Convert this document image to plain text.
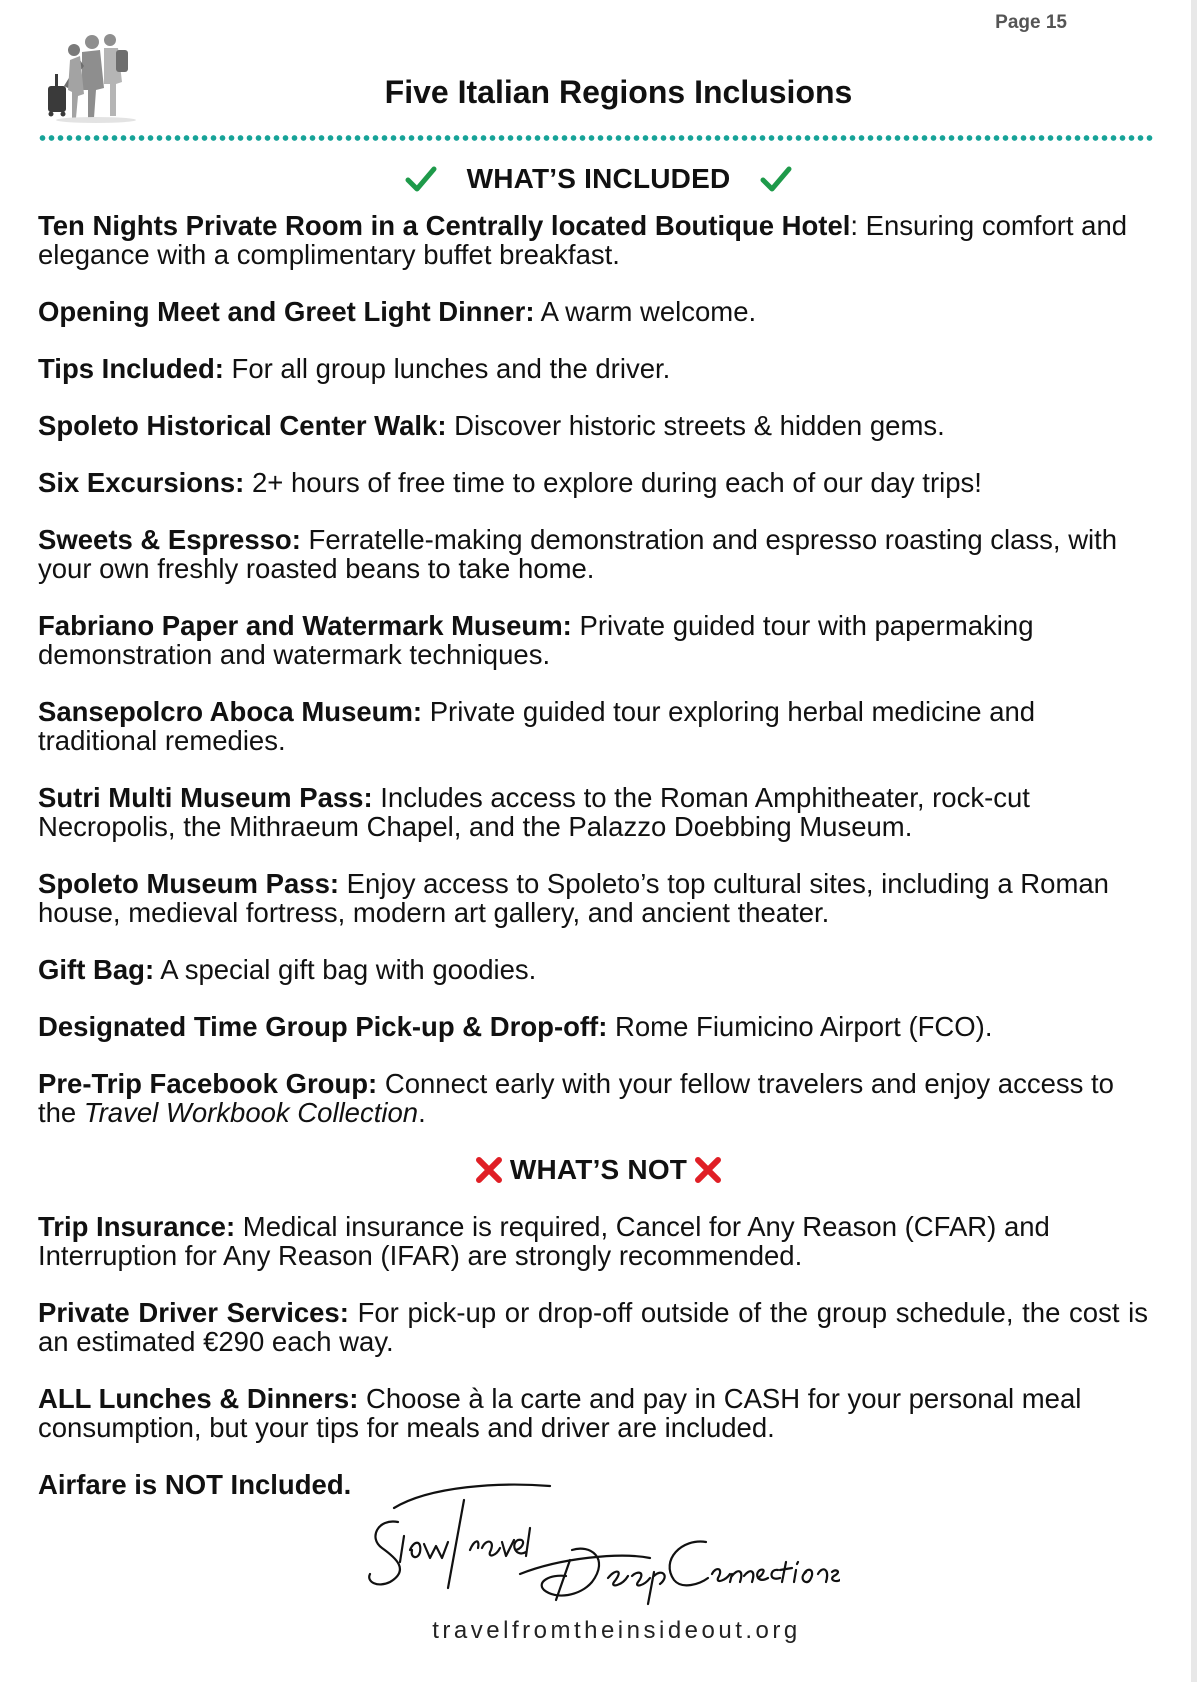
Page 15
Five Italian Regions Inclusions
WHAT’S INCLUDED

Ten Nights Private Room in a Centrally located Boutique Hotel: Ensuring comfort and elegance with a complimentary buffet breakfast.

Opening Meet and Greet Light Dinner: A warm welcome.

Tips Included: For all group lunches and the driver.

Spoleto Historical Center Walk: Discover historic streets & hidden gems.

Six Excursions: 2+ hours of free time to explore during each of our day trips!

Sweets & Espresso: Ferratelle-making demonstration and espresso roasting class, with your own freshly roasted beans to take home.

Fabriano Paper and Watermark Museum: Private guided tour with papermaking demonstration and watermark techniques.

Sansepolcro Aboca Museum: Private guided tour exploring herbal medicine and traditional remedies.

Sutri Multi Museum Pass: Includes access to the Roman Amphitheater, rock-cut Necropolis, the Mithraeum Chapel, and the Palazzo Doebbing Museum.

Spoleto Museum Pass: Enjoy access to Spoleto’s top cultural sites, including a Roman house, medieval fortress, modern art gallery, and ancient theater.

Gift Bag: A special gift bag with goodies.

Designated Time Group Pick-up & Drop-off: Rome Fiumicino Airport (FCO).

Pre-Trip Facebook Group: Connect early with your fellow travelers and enjoy access to the Travel Workbook Collection.

WHAT’S NOT

Trip Insurance: Medical insurance is required, Cancel for Any Reason (CFAR) and Interruption for Any Reason (IFAR) are strongly recommended.

Private Driver Services: For pick-up or drop-off outside of the group schedule, the cost is an estimated €290 each way.

ALL Lunches & Dinners: Choose à la carte and pay in CASH for your personal meal consumption, but your tips for meals and driver are included.

Airfare is NOT Included.

travelfromtheinsideout.org
